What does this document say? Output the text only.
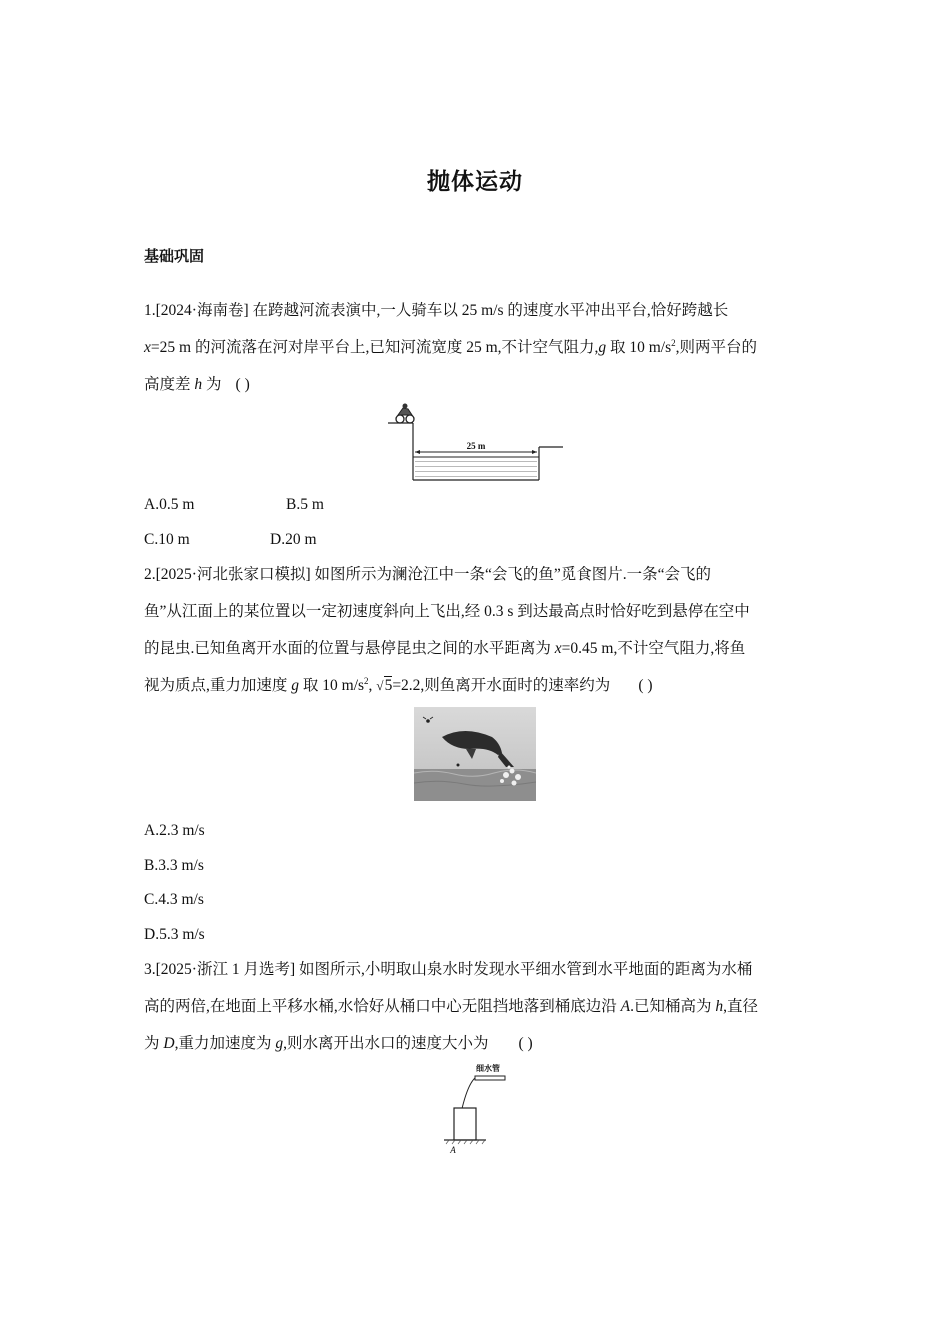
抛体运动
基础巩固
1.[2024·海南卷] 在跨越河流表演中,一人骑车以 25 m/s 的速度水平冲出平台,恰好跨越长
x=25 m 的河流落在河对岸平台上,已知河流宽度 25 m,不计空气阻力,g 取 10 $m/s^2$,则两平台的
高度差 h 为 ( )
25 m
A.0.5 m	B.5 m
C.10 m	D.20 m
2.[2025·河北张家口模拟] 如图所示为澜沧江中一条“会飞的鱼”觅食图片.一条“会飞的
鱼”从江面上的某位置以一定初速度斜向上飞出,经 0.3 s 到达最高点时恰好吃到悬停在空中
的昆虫.已知鱼离开水面的位置与悬停昆虫之间的水平距离为 x=0.45 m,不计空气阻力,将鱼
视为质点,重力加速度 g 取 10 $m/s^2$, √5=2.2,则鱼离开水面时的速率约为 ( )
A.2.3 m/s
B.3.3 m/s
C.4.3 m/s
D.5.3 m/s
3.[2025·浙江 1 月选考] 如图所示,小明取山泉水时发现水平细水管到水平地面的距离为水桶
高的两倍,在地面上平移水桶,水恰好从桶口中心无阻挡地落到桶底边沿 A.已知桶高为 h,直径
为 D,重力加速度为 g,则水离开出水口的速度大小为 ( )
细水管
A
